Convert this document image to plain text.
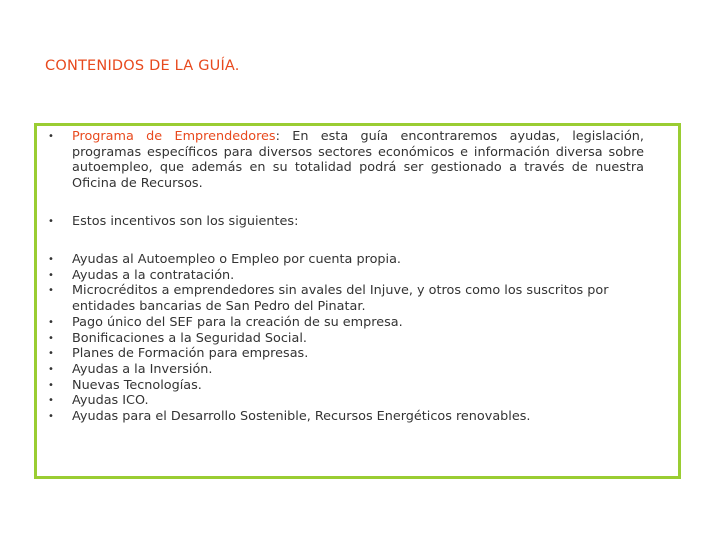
CONTENIDOS DE LA GUÍA.
•	Programa de Emprendedores: En esta guía encontraremos ayudas, legislación, programas específicos para diversos sectores económicos e información diversa sobre autoempleo, que además en su totalidad podrá ser gestionado a través de nuestra Oficina de Recursos.
•	Estos incentivos son los siguientes:
•	Ayudas al Autoempleo o Empleo por cuenta propia.
•	Ayudas a la contratación.
•	Microcréditos a emprendedores sin avales del Injuve, y otros como los suscritos por entidades bancarias de San Pedro del Pinatar.
•	Pago único del SEF para la creación de su empresa.
•	Bonificaciones a la Seguridad Social.
•	Planes de Formación para empresas.
•	Ayudas a la Inversión.
•	Nuevas Tecnologías.
•	Ayudas ICO.
•	Ayudas para el Desarrollo Sostenible, Recursos Energéticos renovables.
